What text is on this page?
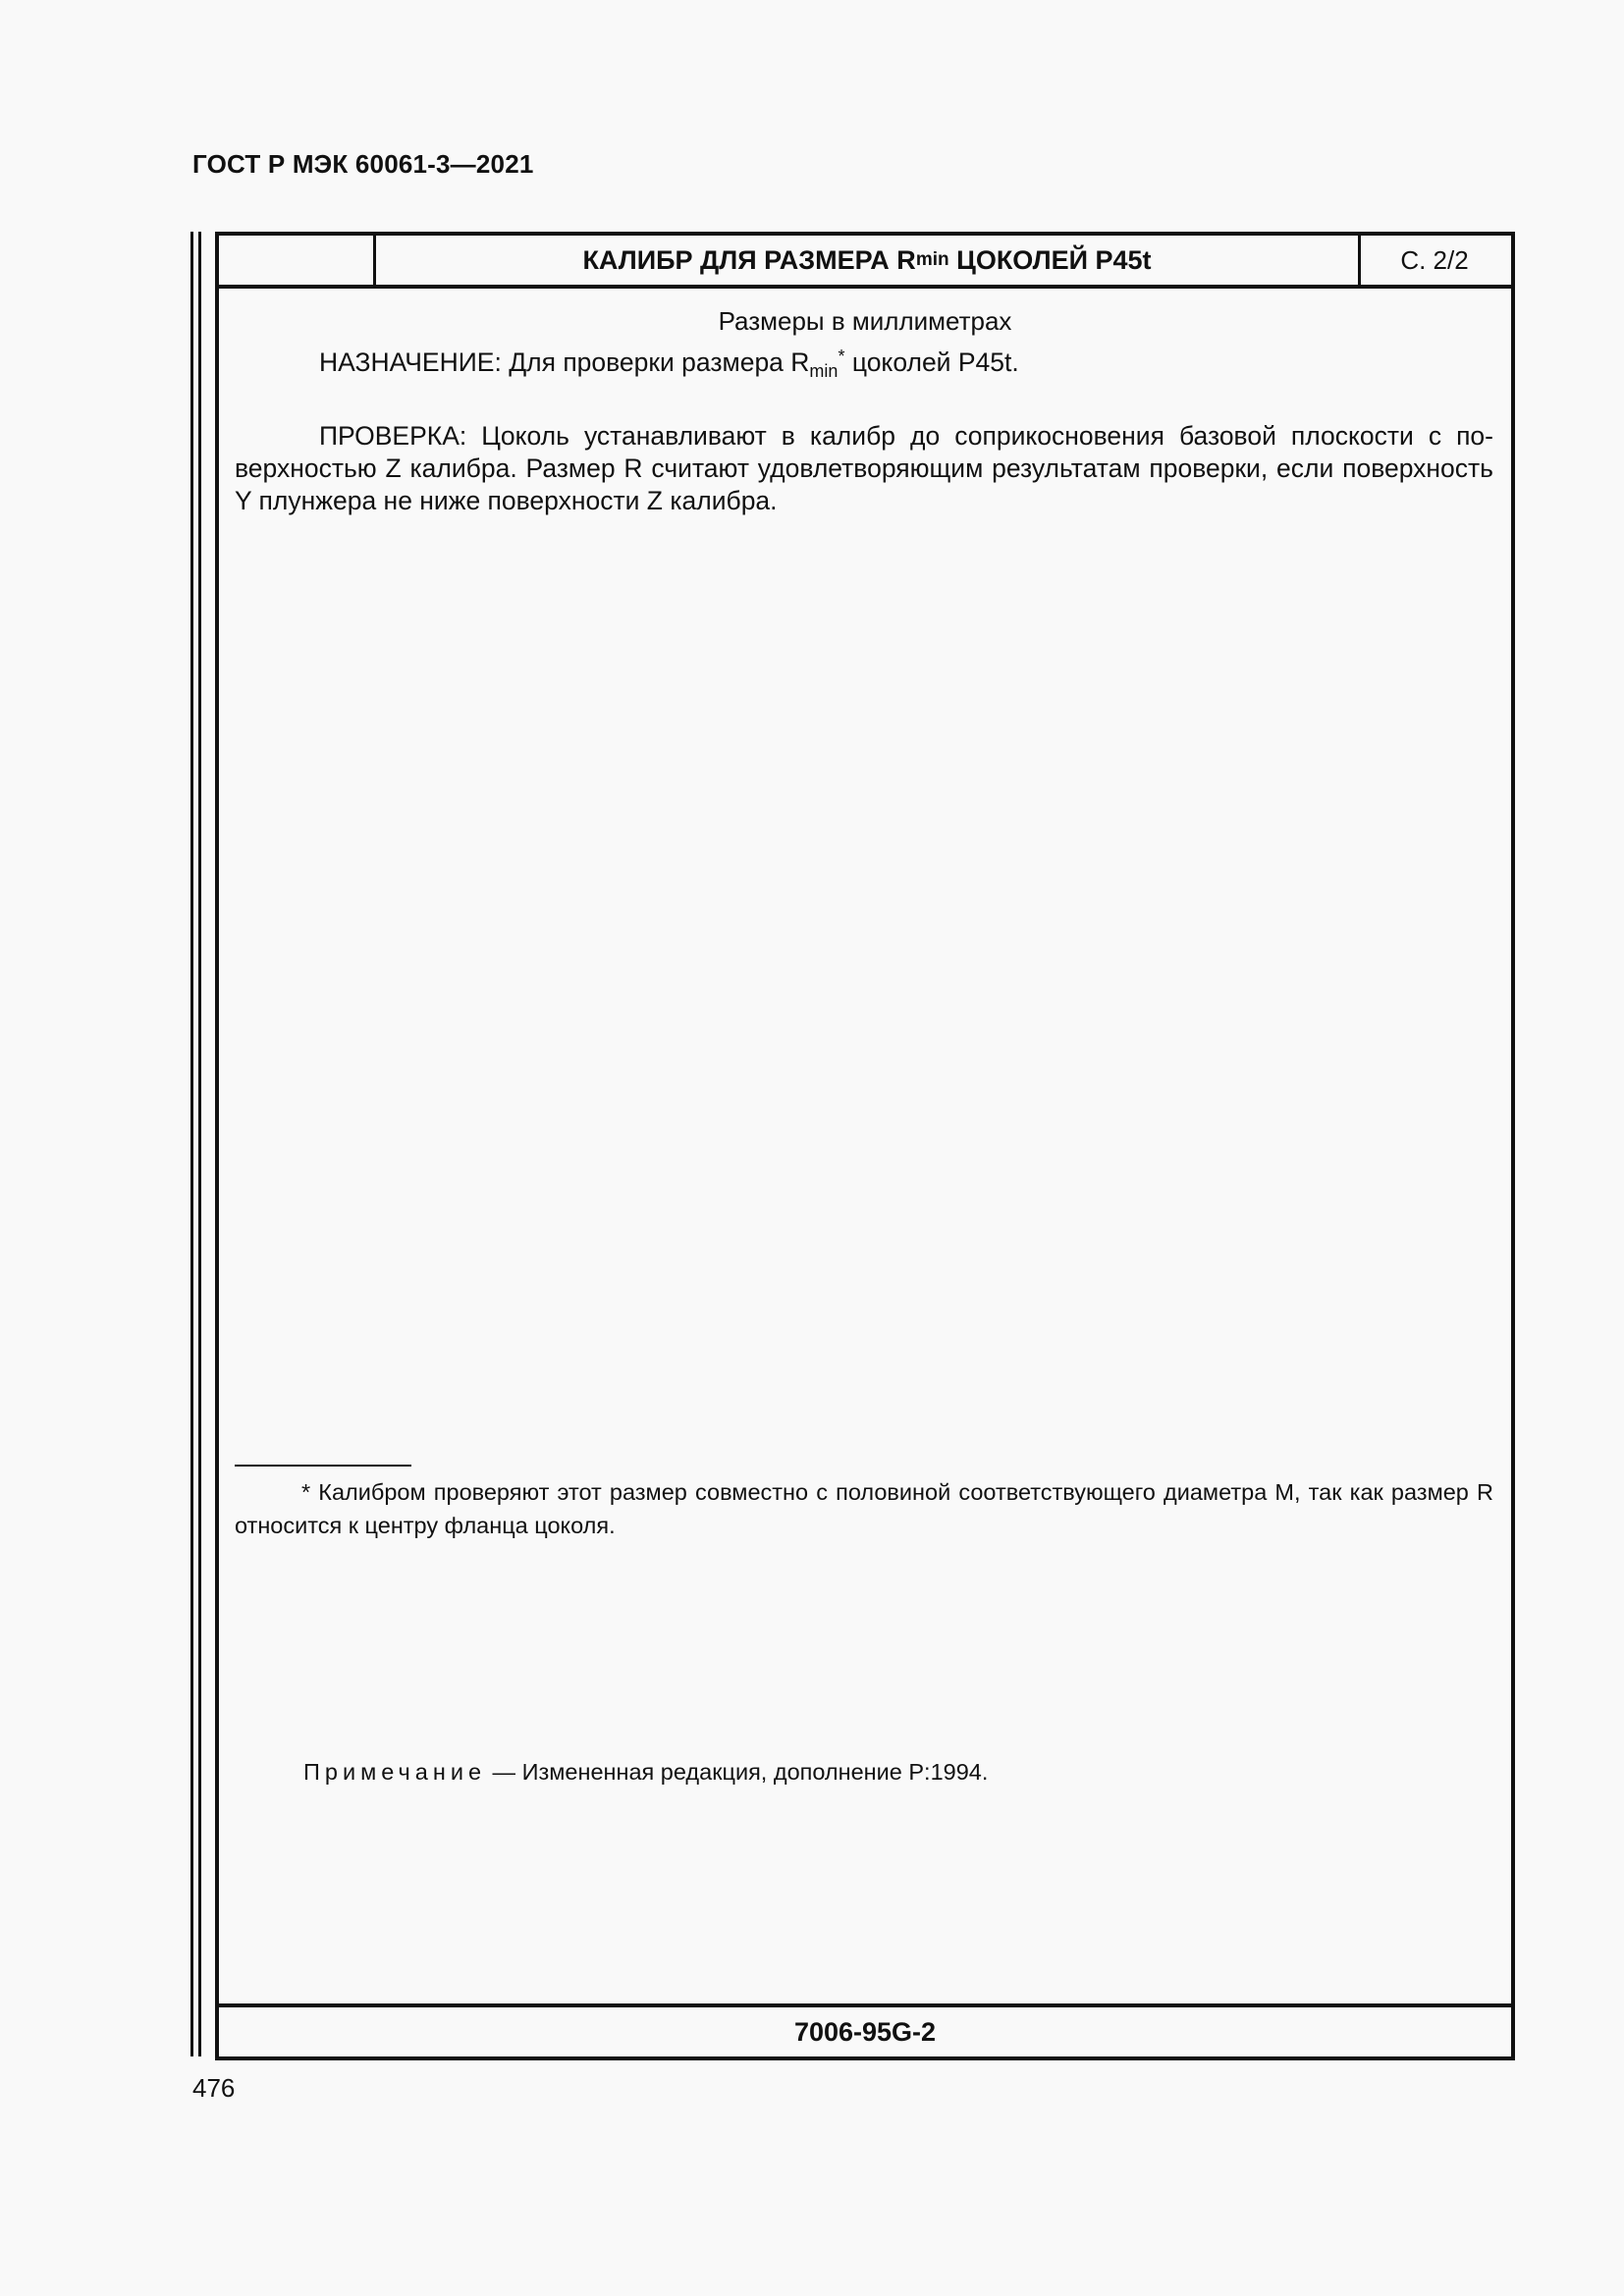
ГОСТ Р МЭК 60061-3—2021
КАЛИБР ДЛЯ РАЗМЕРА R min ЦОКОЛЕЙ P45t	С. 2/2
Размеры в миллиметрах

НАЗНАЧЕНИЕ: Для проверки размера $R_{min}^*$ цоколей P45t.

ПРОВЕРКА: Цоколь устанавливают в калибр до соприкосновения базовой плоскости с поверхностью Z калибра. Размер R считают удовлетворяющим результатам проверки, если поверхность Y плунжера не ниже поверхности Z калибра.

* Калибром проверяют этот размер совместно с половиной соответствующего диаметра M, так как размер R относится к центру фланца цоколя.

Примечание — Измененная редакция, дополнение P:1994.

7006-95G-2
476
